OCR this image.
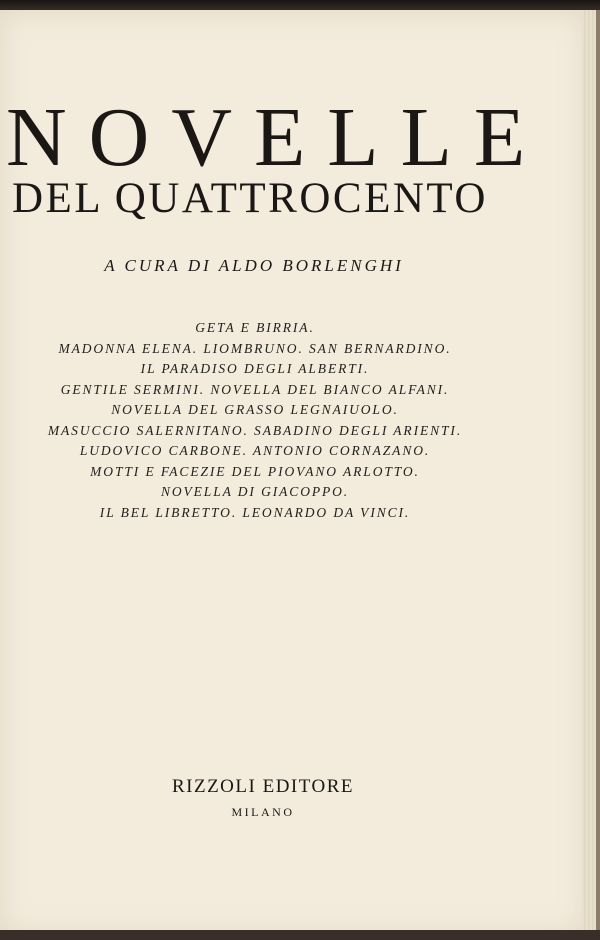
NOVELLE
DEL QUATTROCENTO
A CURA DI ALDO BORLENGHI
GETA E BIRRIA.
MADONNA ELENA. LIOMBRUNO. SAN BERNARDINO.
IL PARADISO DEGLI ALBERTI.
GENTILE SERMINI. NOVELLA DEL BIANCO ALFANI.
NOVELLA DEL GRASSO LEGNAIUOLO.
MASUCCIO SALERNITANO. SABADINO DEGLI ARIENTI.
LUDOVICO CARBONE. ANTONIO CORNAZANO.
MOTTI E FACEZIE DEL PIOVANO ARLOTTO.
NOVELLA DI GIACOPPO.
IL BEL LIBRETTO. LEONARDO DA VINCI.
RIZZOLI EDITORE
MILANO
